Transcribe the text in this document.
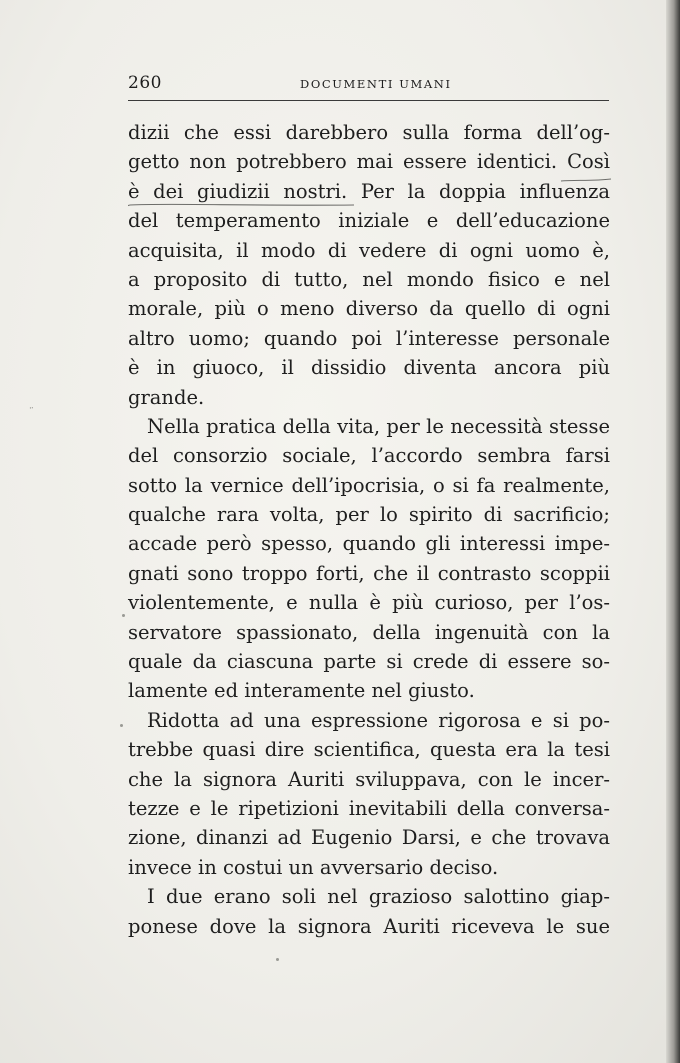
260	DOCUMENTI UMANI
dizii che essi darebbero sulla forma dell’og-
getto non potrebbero mai essere identici. Così
è dei giudizii nostri. Per la doppia influenza
del temperamento iniziale e dell’educazione
acquisita, il modo di vedere di ogni uomo è,
a proposito di tutto, nel mondo fisico e nel
morale, più o meno diverso da quello di ogni
altro uomo; quando poi l’interesse personale
è in giuoco, il dissidio diventa ancora più
grande.
Nella pratica della vita, per le necessità stesse
del consorzio sociale, l’accordo sembra farsi
sotto la vernice dell’ipocrisia, o si fa realmente,
qualche rara volta, per lo spirito di sacrificio;
accade però spesso, quando gli interessi impe-
gnati sono troppo forti, che il contrasto scoppii
violentemente, e nulla è più curioso, per l’os-
servatore spassionato, della ingenuità con la
quale da ciascuna parte si crede di essere so-
lamente ed interamente nel giusto.
Ridotta ad una espressione rigorosa e si po-
trebbe quasi dire scientifica, questa era la tesi
che la signora Auriti sviluppava, con le incer-
tezze e le ripetizioni inevitabili della conversa-
zione, dinanzi ad Eugenio Darsi, e che trovava
invece in costui un avversario deciso.
I due erano soli nel grazioso salottino giap-
ponese dove la signora Auriti riceveva le sue
·‧
